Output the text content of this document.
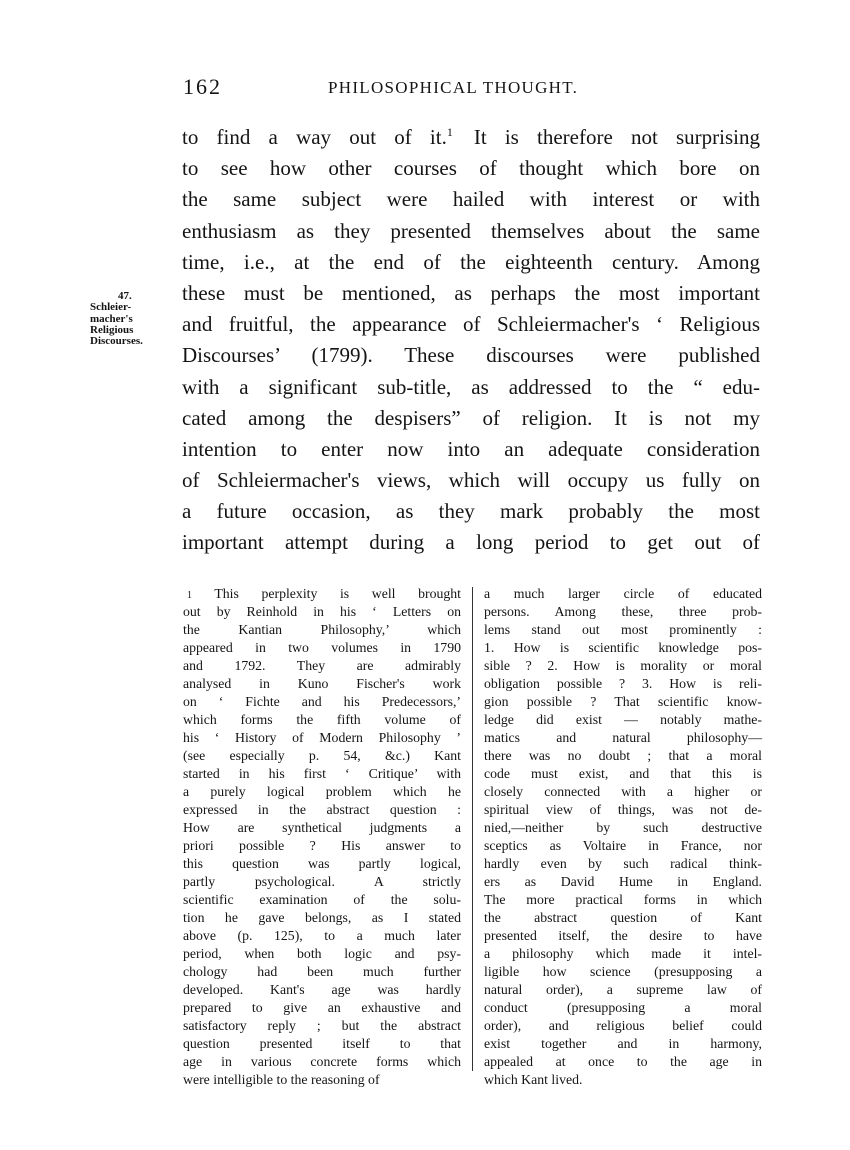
162	PHILOSOPHICAL THOUGHT.
47.
Schleier-
macher's
Religious
Discourses.
to find a way out of it.$^1$  It is therefore not surprising
to see how other courses of thought which bore on
the same subject were hailed with interest or with
enthusiasm as they presented themselves about the same
time, i.e., at the end of the eighteenth century. Among
these must be mentioned, as perhaps the most important
and fruitful, the appearance of Schleiermacher's ‘ Religious
Discourses’ (1799). These discourses were published
with a significant sub-title, as addressed to the “ edu-
cated among the despisers” of religion. It is not my
intention to enter now into an adequate consideration
of Schleiermacher's views, which will occupy us fully on
a future occasion, as they mark probably the most
important attempt during a long period to get out of
1 This perplexity is well brought
out by Reinhold in his ‘ Letters on
the Kantian Philosophy,’ which
appeared in two volumes in 1790
and 1792. They are admirably
analysed in Kuno Fischer's work
on ‘ Fichte and his Predecessors,’
which forms the fifth volume of
his ‘ History of Modern Philosophy ’
(see especially p. 54, &c.) Kant
started in his first ‘ Critique’ with
a purely logical problem which he
expressed in the abstract question :
How are synthetical judgments a
priori possible ? His answer to
this question was partly logical,
partly psychological. A strictly
scientific examination of the solu-
tion he gave belongs, as I stated
above (p. 125), to a much later
period, when both logic and psy-
chology had been much further
developed. Kant's age was hardly
prepared to give an exhaustive and
satisfactory reply ; but the abstract
question presented itself to that
age in various concrete forms which
were intelligible to the reasoning of
a much larger circle of educated
persons. Among these, three prob-
lems stand out most prominently :
1. How is scientific knowledge pos-
sible ? 2. How is morality or moral
obligation possible ? 3. How is reli-
gion possible ? That scientific know-
ledge did exist — notably mathe-
matics and natural philosophy—
there was no doubt ; that a moral
code must exist, and that this is
closely connected with a higher or
spiritual view of things, was not de-
nied,—neither by such destructive
sceptics as Voltaire in France, nor
hardly even by such radical think-
ers as David Hume in England.
The more practical forms in which
the abstract question of Kant
presented itself, the desire to have
a philosophy which made it intel-
ligible how science (presupposing a
natural order), a supreme law of
conduct (presupposing a moral
order), and religious belief could
exist together and in harmony,
appealed at once to the age in
which Kant lived.
